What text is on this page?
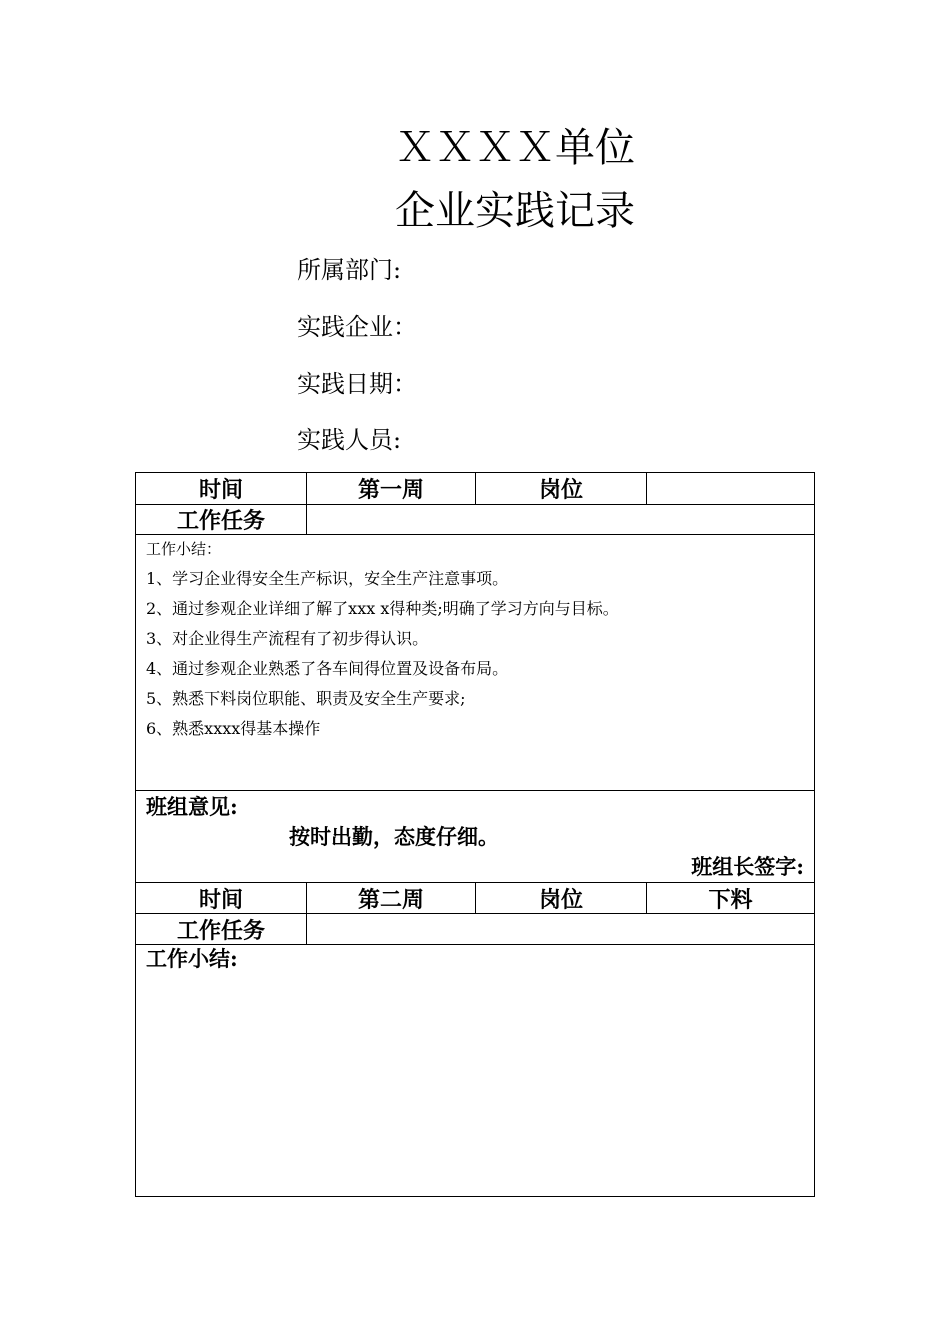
ＸＸＸＸ单位
企业实践记录
所属部门:
实践企业：
实践日期：
实践人员:
时间	第一周	岗位
工作任务
工作小结：
1、学习企业得安全生产标识，安全生产注意事项。
2、通过参观企业详细了解了xxx x得种类;明确了学习方向与目标。
3、对企业得生产流程有了初步得认识。
4、通过参观企业熟悉了各车间得位置及设备布局。
5、熟悉下料岗位职能、职责及安全生产要求;
6、熟悉xxxx得基本操作
班组意见:
按时出勤，态度仔细。
班组长签字:
时间	第二周	岗位	下料
工作任务
工作小结:
